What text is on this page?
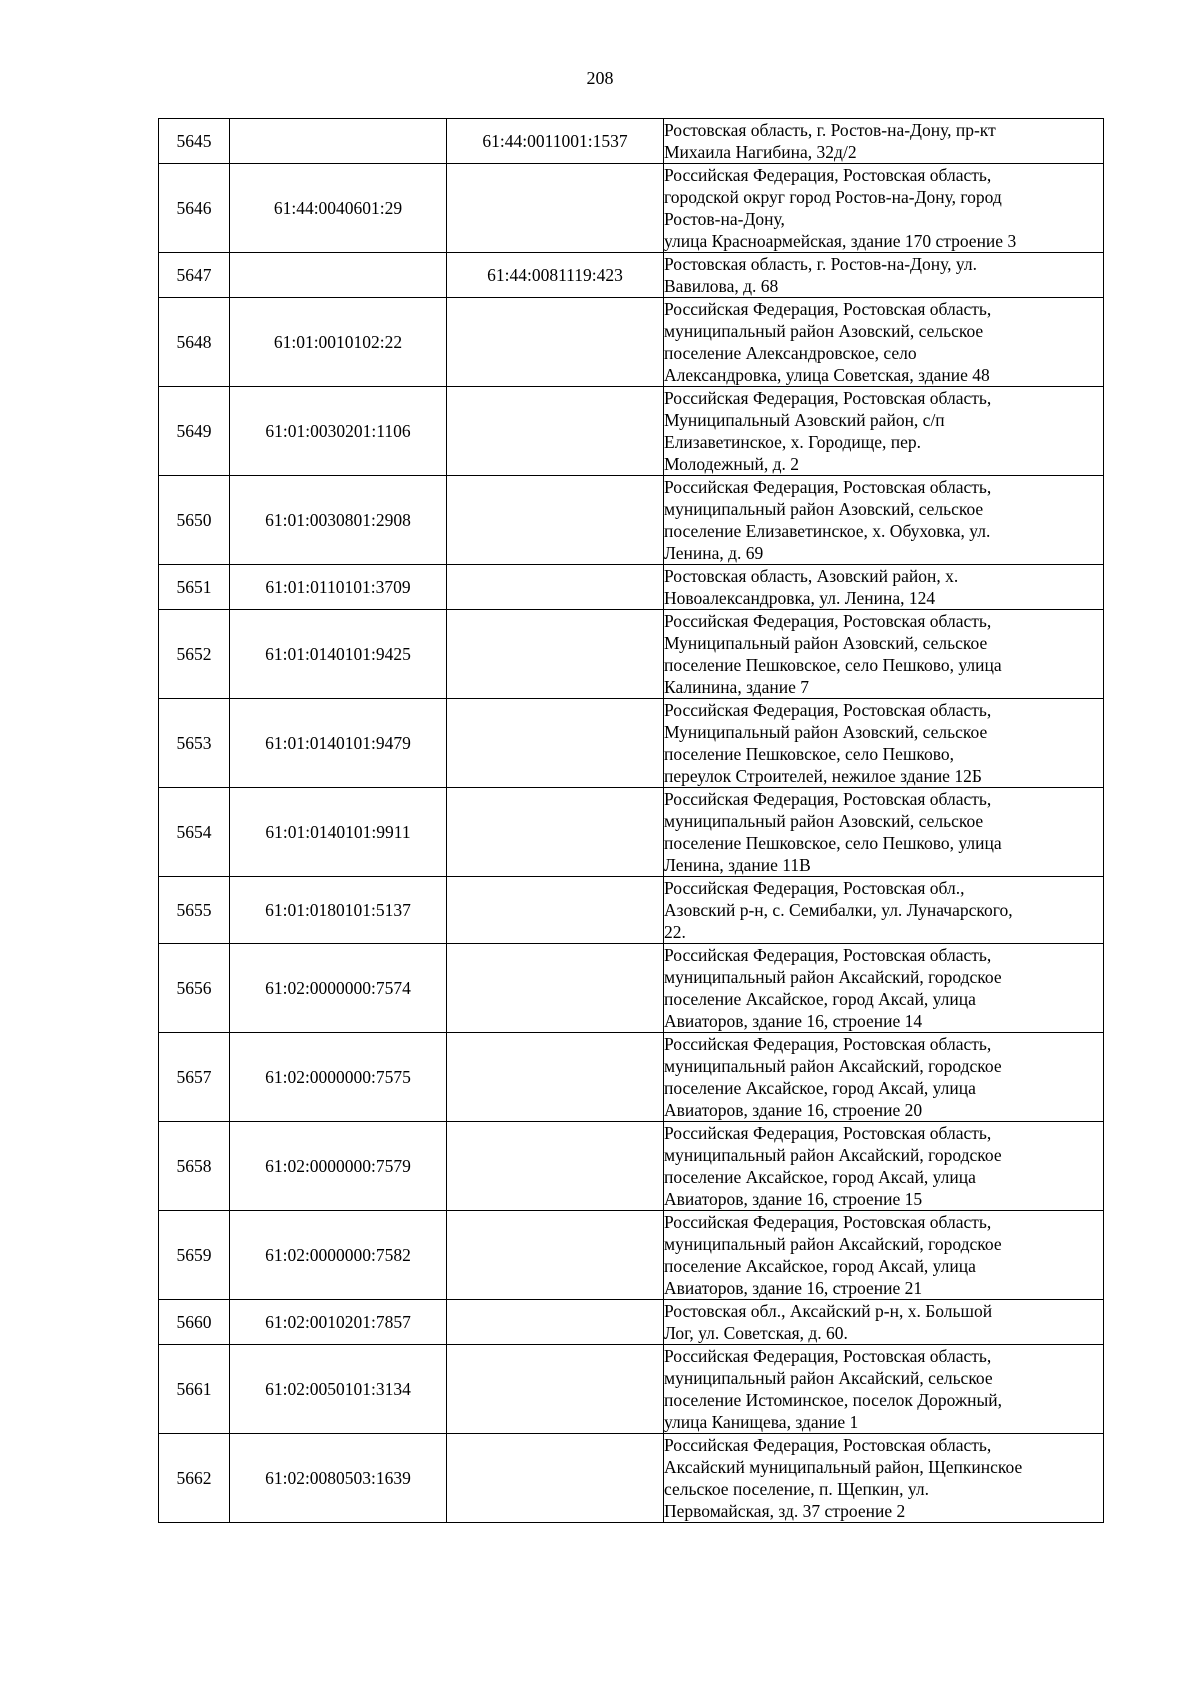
208
5645		61:44:0011001:1537	Ростовская область, г. Ростов-на-Дону, пр-кт
Михаила Нагибина, 32д/2
5646	61:44:0040601:29		Российская Федерация, Ростовская область,
городской округ город Ростов-на-Дону, город
Ростов-на-Дону,
улица Красноармейская, здание 170 строение 3
5647		61:44:0081119:423	Ростовская область, г. Ростов-на-Дону, ул.
Вавилова, д. 68
5648	61:01:0010102:22		Российская Федерация, Ростовская область,
муниципальный район Азовский, сельское
поселение Александровское, село
Александровка, улица Советская, здание 48
5649	61:01:0030201:1106		Российская Федерация, Ростовская область,
Муниципальный Азовский район, с/п
Елизаветинское, х. Городище, пер.
Молодежный, д. 2
5650	61:01:0030801:2908		Российская Федерация, Ростовская область,
муниципальный район Азовский, сельское
поселение Елизаветинское, х. Обуховка, ул.
Ленина, д. 69
5651	61:01:0110101:3709		Ростовская область, Азовский район, х.
Новоалександровка, ул. Ленина, 124
5652	61:01:0140101:9425		Российская Федерация, Ростовская область,
Муниципальный район Азовский, сельское
поселение Пешковское, село Пешково, улица
Калинина, здание 7
5653	61:01:0140101:9479		Российская Федерация, Ростовская область,
Муниципальный район Азовский, сельское
поселение Пешковское, село Пешково,
переулок Строителей, нежилое здание 12Б
5654	61:01:0140101:9911		Российская Федерация, Ростовская область,
муниципальный район Азовский, сельское
поселение Пешковское, село Пешково, улица
Ленина, здание 11В
5655	61:01:0180101:5137		Российская Федерация, Ростовская обл.,
Азовский р-н, с. Семибалки, ул. Луначарского,
22.
5656	61:02:0000000:7574		Российская Федерация, Ростовская область,
муниципальный район Аксайский, городское
поселение Аксайское, город Аксай, улица
Авиаторов, здание 16, строение 14
5657	61:02:0000000:7575		Российская Федерация, Ростовская область,
муниципальный район Аксайский, городское
поселение Аксайское, город Аксай, улица
Авиаторов, здание 16, строение 20
5658	61:02:0000000:7579		Российская Федерация, Ростовская область,
муниципальный район Аксайский, городское
поселение Аксайское, город Аксай, улица
Авиаторов, здание 16, строение 15
5659	61:02:0000000:7582		Российская Федерация, Ростовская область,
муниципальный район Аксайский, городское
поселение Аксайское, город Аксай, улица
Авиаторов, здание 16, строение 21
5660	61:02:0010201:7857		Ростовская обл., Аксайский р-н, х. Большой
Лог, ул. Советская, д. 60.
5661	61:02:0050101:3134		Российская Федерация, Ростовская область,
муниципальный район Аксайский, сельское
поселение Истоминское, поселок Дорожный,
улица Канищева, здание 1
5662	61:02:0080503:1639		Российская Федерация, Ростовская область,
Аксайский муниципальный район, Щепкинское
сельское поселение, п. Щепкин, ул.
Первомайская, зд. 37 строение 2
